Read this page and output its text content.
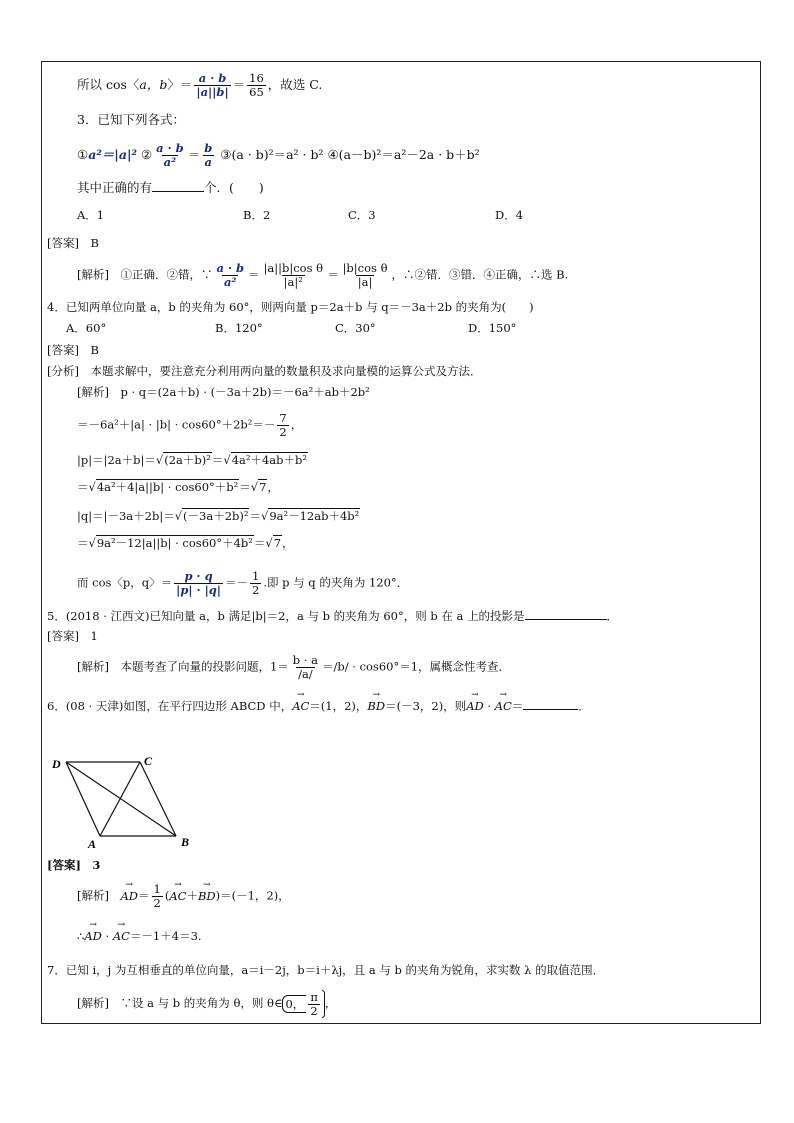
所以 cos〈a，b〉＝ $\frac{a \cdot b}{|a||b|} = \frac{16}{65}$ ，故选 C.
3．已知下列各式：
①a²＝|a|² ② $\frac{a \cdot b}{\text{a²}} = \frac{b}{a}$ ③(a · b)²＝a² · b² ④(a－b)²＝a²－2a · b＋b²
其中正确的有	个．(　　)
A．1	B．2	C．3	D．4
[答案]　B
[解析]　①正确．②错，∵ $\frac{a \cdot b}{\text{a²}} = \frac{\text{|a||b|cos θ}}{\text{|a|²}} = \frac{\text{|b|cos θ}}{|a|}$ ，∴②错．③错．④正确，∴选 B.
4．已知两单位向量 a，b 的夹角为 60°，则两向量 p＝2a＋b 与 q＝－3a＋2b 的夹角为(　　)
A．60°	B．120°	C．30°	D．150°
[答案]　B
[分析]　本题求解中，要注意充分利用两向量的数量积及求向量模的运算公式及方法．
[解析]　p · q＝(2a＋b) · (－3a＋2b)＝－6a²＋ab＋2b²
$=-6a^2+|a| \cdot |b| \cdot \cos 60^\circ+2b^2=- \frac{7}{2}$ ，
|p|＝|2a＋b|＝√(2a＋b)²＝√4a²＋4ab＋b²
＝√4a²＋4|a||b| · cos60°＋b²＝√7，
|q|＝|－3a＋2b|＝√(－3a＋2b)²＝√9a²－12ab＋4b²
＝√9a²－12|a||b| · cos60°＋4b²＝√7，
而 cos〈p，q〉＝ $\frac{p \cdot q}{|p| \cdot |q|} =- \frac{1}{2}$ .即 p 与 q 的夹角为 120°．
5．(2018 · 江西文)已知向量 a，b 满足|b|＝2，a 与 b 的夹角为 60°，则 b 在 a 上的投影是	．
[答案]　1
[解析]　本题考查了向量的投影问题，$1= \frac{b \cdot a}{/a/} =/b/ \cdot \cos 60^\circ=1$，属概念性考查．
6．(08 · 天津)如图，在平行四边形 ABCD 中，→ AC＝(1，2)，→ BD＝(－3，2)，则→ AD · → AC＝	．
D	C
A	B
[答案]　3
[解析]　→ $AD= \frac{1}{2}$ (→ AC＋→ BD)＝(－1，2)，
∴→ AD · → AC＝－1＋4＝3.
7．已知 i，j 为互相垂直的单位向量，a＝i－2j，b＝i＋λj，且 a 与 b 的夹角为锐角，求实数 λ 的取值范围．
[解析]　∵设 a 与 b 的夹角为 θ，则 θ∈ 0， $\frac{\pi}{2}$ ，
